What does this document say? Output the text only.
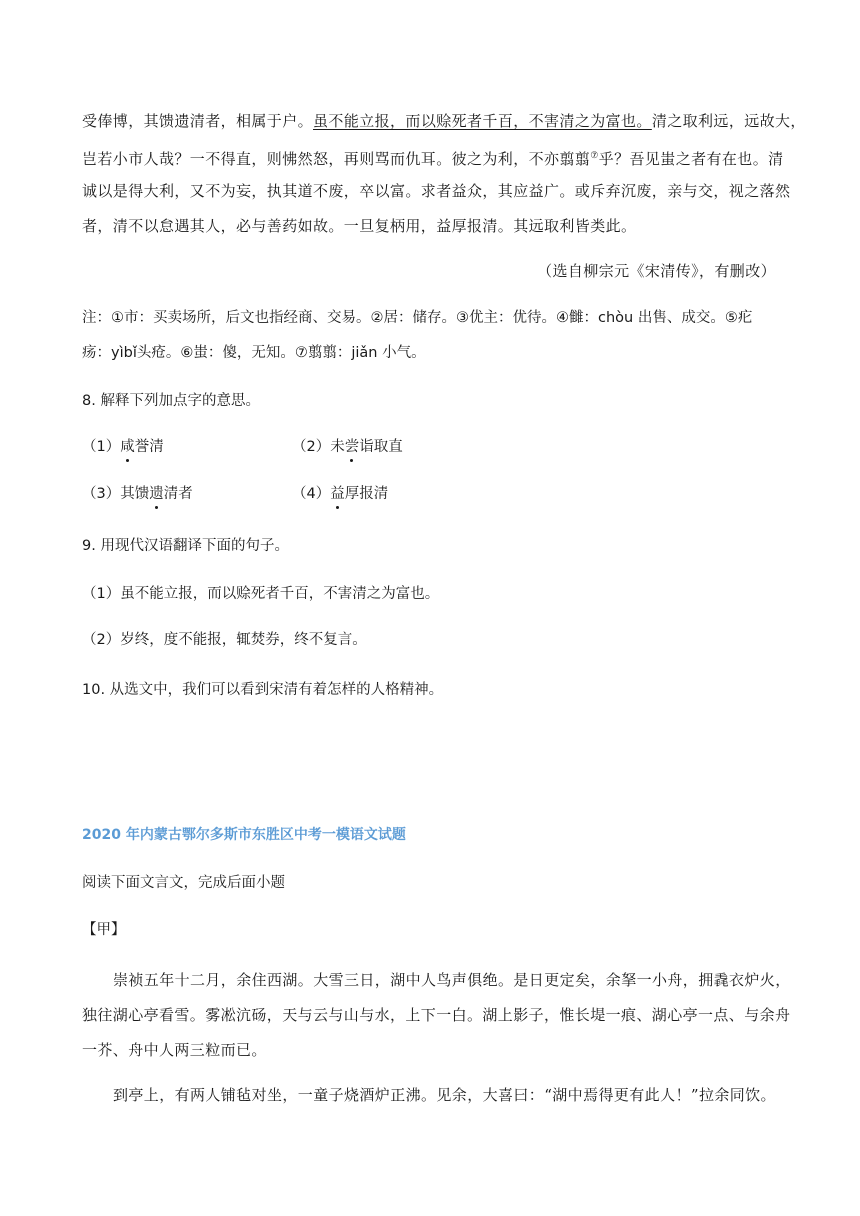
受俸博，其馈遗清者，相属于户。虽不能立报，而以赊死者千百，不害清之为富也。清之取利远，远故大，
岂若小市人哉？一不得直，则怫然怒，再则骂而仇耳。彼之为利，不亦翦翦⑦乎？吾见蚩之者有在也。清
诚以是得大利，又不为妄，执其道不废，卒以富。求者益众，其应益广。或斥弃沉废，亲与交，视之落然
者，清不以怠遇其人，必与善药如故。一旦复柄用，益厚报清。其远取利皆类此。
（选自柳宗元《宋清传》，有删改）
注：①市：买卖场所，后文也指经商、交易。②居：储存。③优主：优待。④雠：chòu 出售、成交。⑤疕
疡：yìbǐ头疮。⑥蚩：傻，无知。⑦翦翦：jiǎn 小气。
8. 解释下列加点字的意思。
（1）咸誉清	（2）未尝诣取直
（3）其馈遗清者	（4）益厚报清
9. 用现代汉语翻译下面的句子。
（1）虽不能立报，而以赊死者千百，不害清之为富也。
（2）岁终，度不能报，辄焚券，终不复言。
10. 从选文中，我们可以看到宋清有着怎样的人格精神。
2020 年内蒙古鄂尔多斯市东胜区中考一模语文试题
阅读下面文言文，完成后面小题
【甲】
崇祯五年十二月，余住西湖。大雪三日，湖中人鸟声俱绝。是日更定矣，余拏一小舟，拥毳衣炉火，
独往湖心亭看雪。雾凇沆砀，天与云与山与水，上下一白。湖上影子，惟长堤一痕、湖心亭一点、与余舟
一芥、舟中人两三粒而已。
到亭上，有两人铺毡对坐，一童子烧酒炉正沸。见余，大喜曰：“湖中焉得更有此人！”拉余同饮。
